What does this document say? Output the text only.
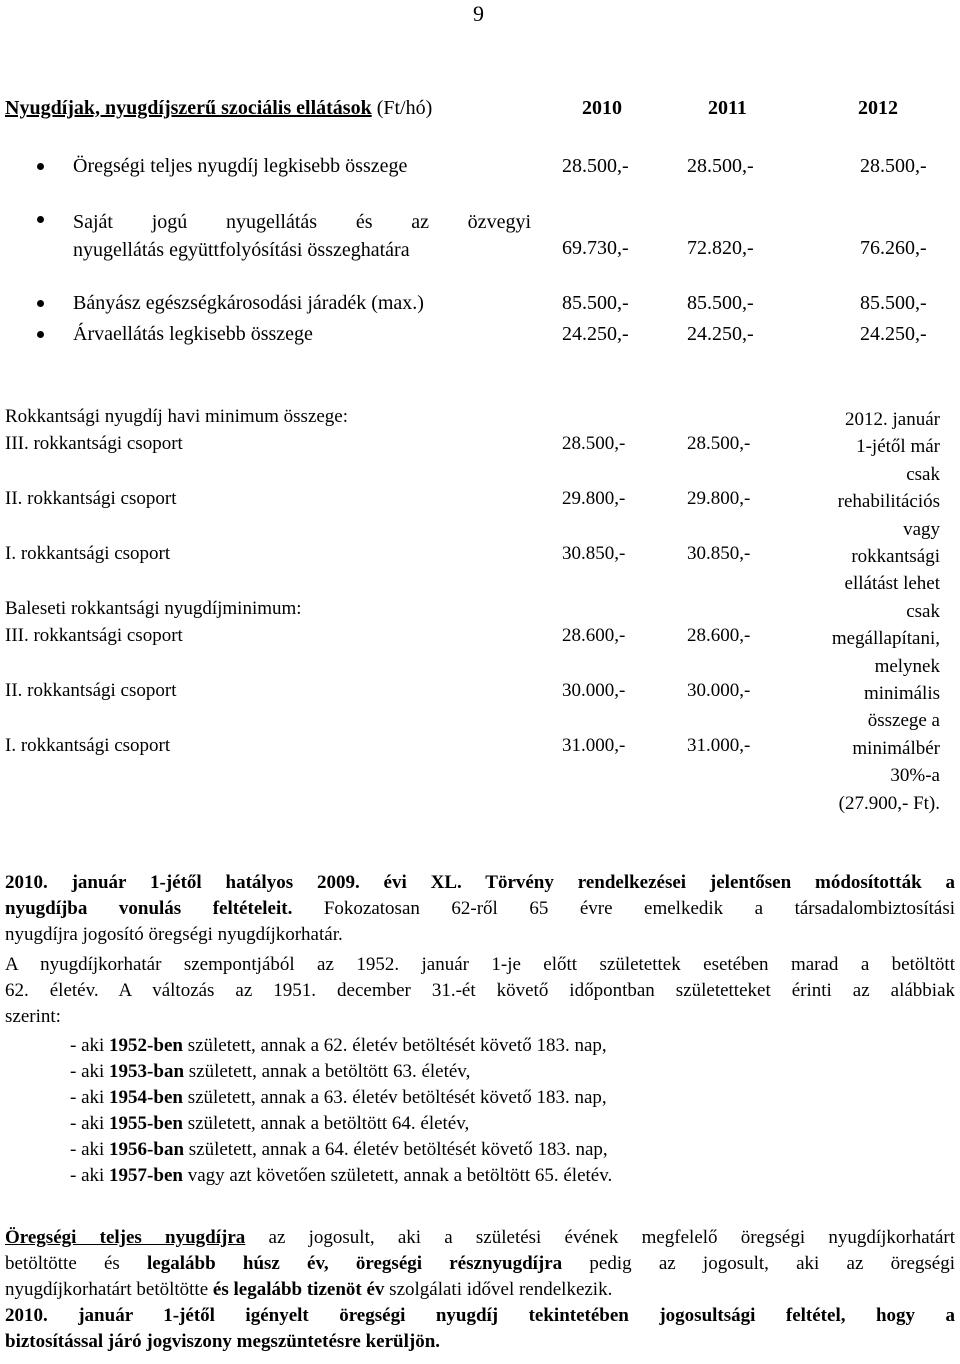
9
Nyugdíjak, nyugdíjszerű szociális ellátások (Ft/hó)	2010	2011	2012
Öregségi teljes nyugdíj legkisebb összege	28.500,-	28.500,-	28.500,-
Saját jogú nyugellátás és az özvegyi
nyugellátás együttfolyósítási összeghatára	69.730,-	72.820,-	76.260,-
Bányász egészségkárosodási járadék (max.)	85.500,-	85.500,-	85.500,-
Árvaellátás legkisebb összege	24.250,-	24.250,-	24.250,-
Rokkantsági nyugdíj havi minimum összege:
III. rokkantsági csoport	28.500,-	28.500,-
II. rokkantsági csoport	29.800,-	29.800,-
I. rokkantsági csoport	30.850,-	30.850,-
Baleseti rokkantsági nyugdíjminimum:
III. rokkantsági csoport	28.600,-	28.600,-
II. rokkantsági csoport	30.000,-	30.000,-
I. rokkantsági csoport	31.000,-	31.000,-
2012. január
1-jétől már
csak
rehabilitációs
vagy
rokkantsági
ellátást lehet
csak
megállapítani,
melynek
minimális
összege a
minimálbér
30%-a
(27.900,- Ft).
2010. január 1-jétől hatályos 2009. évi XL. Törvény rendelkezései jelentősen módosították a
nyugdíjba vonulás feltételeit. Fokozatosan 62-ről 65 évre emelkedik a társadalombiztosítási
nyugdíjra jogosító öregségi nyugdíjkorhatár.
A nyugdíjkorhatár szempontjából az 1952. január 1-je előtt születettek esetében marad a betöltött
62. életév. A változás az 1951. december 31.-ét követő időpontban születetteket érinti az alábbiak
szerint:
- aki 1952-ben született, annak a 62. életév betöltését követő 183. nap,
- aki 1953-ban született, annak a betöltött 63. életév,
- aki 1954-ben született, annak a 63. életév betöltését követő 183. nap,
- aki 1955-ben született, annak a betöltött 64. életév,
- aki 1956-ban született, annak a 64. életév betöltését követő 183. nap,
- aki 1957-ben vagy azt követően született, annak a betöltött 65. életév.
Öregségi teljes nyugdíjra az jogosult, aki a születési évének megfelelő öregségi nyugdíjkorhatárt
betöltötte és legalább húsz év, öregségi résznyugdíjra pedig az jogosult, aki az öregségi
nyugdíjkorhatárt betöltötte és legalább tizenöt év szolgálati idővel rendelkezik.
2010. január 1-jétől igényelt öregségi nyugdíj tekintetében jogosultsági feltétel, hogy a
biztosítással járó jogviszony megszüntetésre kerüljön.
